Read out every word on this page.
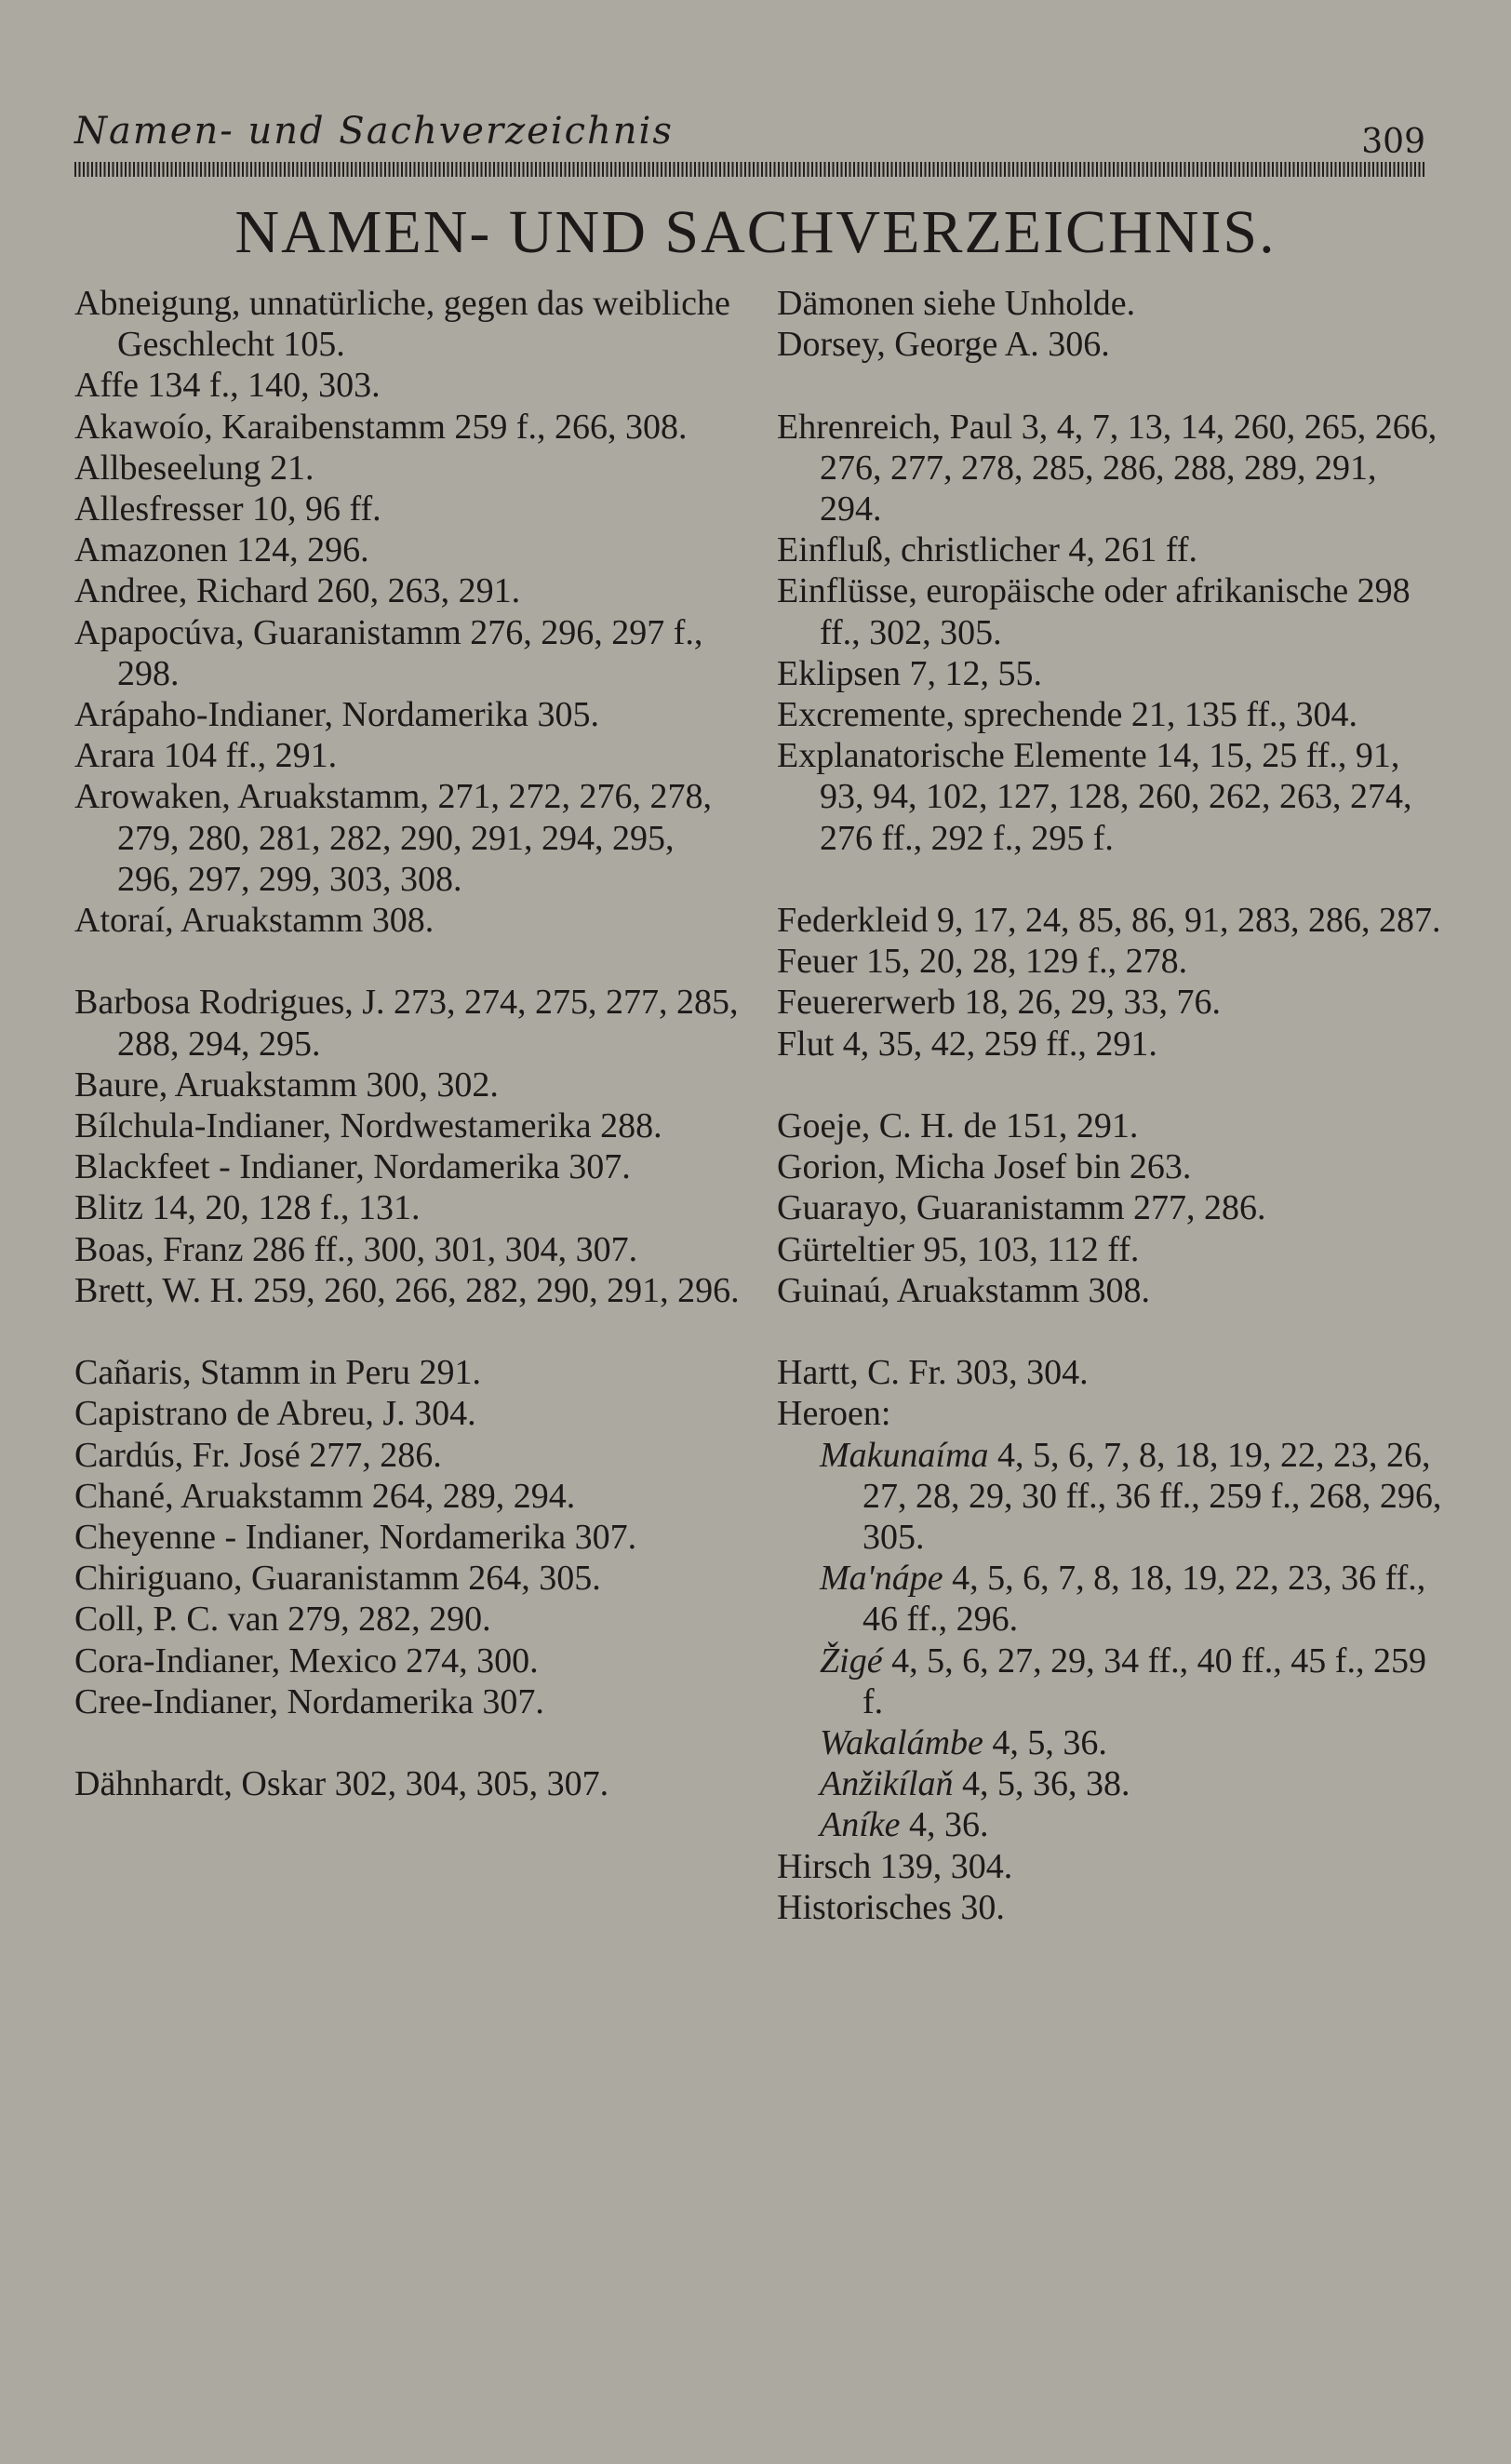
Namen- und Sachverzeichnis	309
NAMEN- UND SACHVERZEICHNIS.

Abneigung, unnatürliche, gegen das weibliche Geschlecht 105.

Affe 134 f., 140, 303.

Akawoío, Karaibenstamm 259 f., 266, 308.

Allbeseelung 21.

Allesfresser 10, 96 ff.

Amazonen 124, 296.

Andree, Richard 260, 263, 291.

Apapocúva, Guaranistamm 276, 296, 297 f., 298.

Arápaho-Indianer, Nordamerika 305.

Arara 104 ff., 291.

Arowaken, Aruakstamm, 271, 272, 276, 278, 279, 280, 281, 282, 290, 291, 294, 295, 296, 297, 299, 303, 308.

Atoraí, Aruakstamm 308.

Barbosa Rodrigues, J. 273, 274, 275, 277, 285, 288, 294, 295.

Baure, Aruakstamm 300, 302.

Bílchula-Indianer, Nordwestamerika 288.

Blackfeet - Indianer, Nordamerika 307.

Blitz 14, 20, 128 f., 131.

Boas, Franz 286 ff., 300, 301, 304, 307.

Brett, W. H. 259, 260, 266, 282, 290, 291, 296.

Cañaris, Stamm in Peru 291.

Capistrano de Abreu, J. 304.

Cardús, Fr. José 277, 286.

Chané, Aruakstamm 264, 289, 294.

Cheyenne - Indianer, Nordamerika 307.

Chiriguano, Guaranistamm 264, 305.

Coll, P. C. van 279, 282, 290.

Cora-Indianer, Mexico 274, 300.

Cree-Indianer, Nordamerika 307.

Dähnhardt, Oskar 302, 304, 305, 307.

Dämonen siehe Unholde.

Dorsey, George A. 306.

Ehrenreich, Paul 3, 4, 7, 13, 14, 260, 265, 266, 276, 277, 278, 285, 286, 288, 289, 291, 294.

Einfluß, christlicher 4, 261 ff.

Einflüsse, europäische oder afrikanische 298 ff., 302, 305.

Eklipsen 7, 12, 55.

Excremente, sprechende 21, 135 ff., 304.

Explanatorische Elemente 14, 15, 25 ff., 91, 93, 94, 102, 127, 128, 260, 262, 263, 274, 276 ff., 292 f., 295 f.

Federkleid 9, 17, 24, 85, 86, 91, 283, 286, 287.

Feuer 15, 20, 28, 129 f., 278.

Feuererwerb 18, 26, 29, 33, 76.

Flut 4, 35, 42, 259 ff., 291.

Goeje, C. H. de 151, 291.

Gorion, Micha Josef bin 263.

Guarayo, Guaranistamm 277, 286.

Gürteltier 95, 103, 112 ff.

Guinaú, Aruakstamm 308.

Hartt, C. Fr. 303, 304.

Heroen:

Makunaíma 4, 5, 6, 7, 8, 18, 19, 22, 23, 26, 27, 28, 29, 30 ff., 36 ff., 259 f., 268, 296, 305.

Ma'nápe 4, 5, 6, 7, 8, 18, 19, 22, 23, 36 ff., 46 ff., 296.

Žigé 4, 5, 6, 27, 29, 34 ff., 40 ff., 45 f., 259 f.

Wakalámbe 4, 5, 36.

Anžikílaň 4, 5, 36, 38.

Aníke 4, 36.

Hirsch 139, 304.

Historisches 30.
